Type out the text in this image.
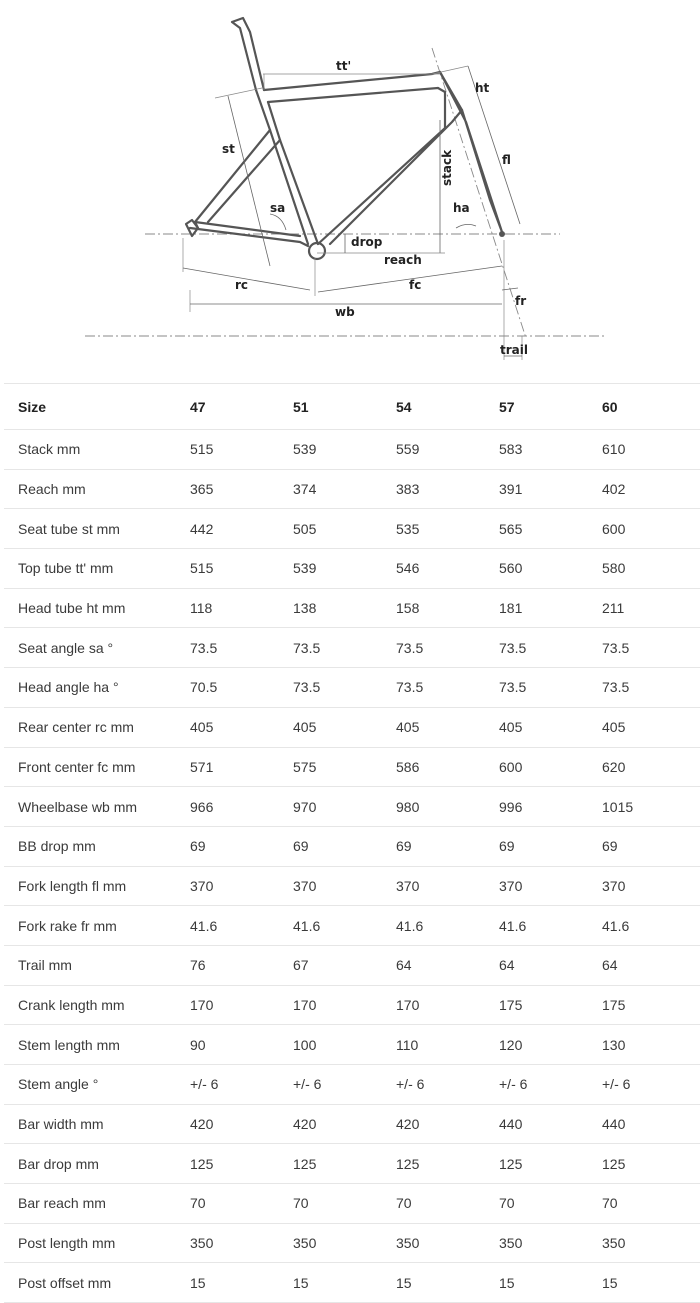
tt'
ht
st
stack	fl
sa	ha
drop
reach
rc	fc
wb
fr
trail
Size	47	51	54	57	60
Stack mm	515	539	559	583	610
Reach mm	365	374	383	391	402
Seat tube st mm	442	505	535	565	600
Top tube tt' mm	515	539	546	560	580
Head tube ht mm	118	138	158	181	211
Seat angle sa °	73.5	73.5	73.5	73.5	73.5
Head angle ha °	70.5	73.5	73.5	73.5	73.5
Rear center rc mm	405	405	405	405	405
Front center fc mm	571	575	586	600	620
Wheelbase wb mm	966	970	980	996	1015
BB drop mm	69	69	69	69	69
Fork length fl mm	370	370	370	370	370
Fork rake fr mm	41.6	41.6	41.6	41.6	41.6
Trail mm	76	67	64	64	64
Crank length mm	170	170	170	175	175
Stem length mm	90	100	110	120	130
Stem angle °	+/- 6	+/- 6	+/- 6	+/- 6	+/- 6
Bar width mm	420	420	420	440	440
Bar drop mm	125	125	125	125	125
Bar reach mm	70	70	70	70	70
Post length mm	350	350	350	350	350
Post offset mm	15	15	15	15	15
